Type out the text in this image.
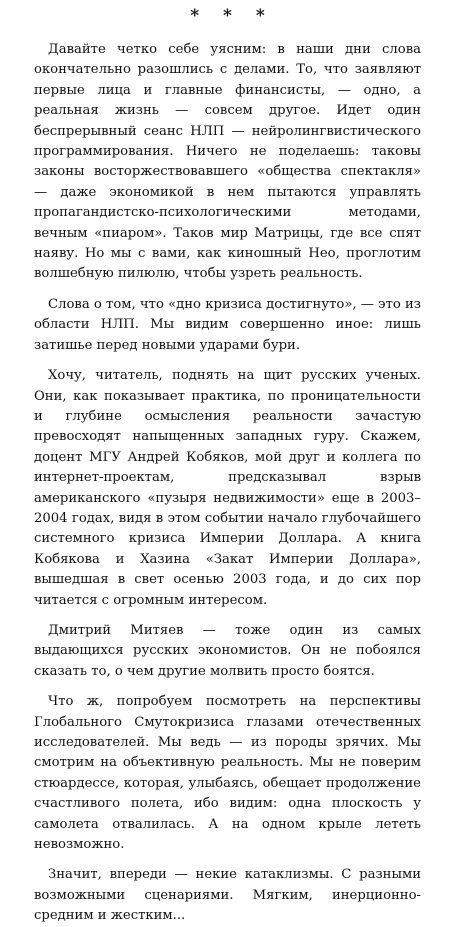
* * *

Давайте четко себе уясним: в наши дни слова окончательно разошлись с делами. То, что заявляют первые лица и главные финансисты, — одно, а реальная жизнь — совсем другое. Идет один беспрерывный сеанс НЛП — нейролингвистического программирования. Ничего не поделаешь: таковы законы восторжествовавшего «общества спектакля» — даже экономикой в нем пытаются управлять пропагандистско-психологическими методами, вечным «пиаром». Таков мир Матрицы, где все спят наяву. Но мы с вами, как киношный Нео, проглотим волшебную пилюлю, чтобы узреть реальность.

Слова о том, что «дно кризиса достигнуто», — это из области НЛП. Мы видим совершенно иное: лишь затишье перед новыми ударами бури.

Хочу, читатель, поднять на щит русских ученых. Они, как показывает практика, по проницательности и глубине осмысления реальности зачастую превосходят напыщенных западных гуру. Скажем, доцент МГУ Андрей Кобяков, мой друг и коллега по интернет-проектам, предсказывал взрыв американского «пузыря недвижимости» еще в 2003–2004 годах, видя в этом событии начало глубочайшего системного кризиса Империи Доллара. А книга Кобякова и Хазина «Закат Империи Доллара», вышедшая в свет осенью 2003 года, и до сих пор читается с огромным интересом.

Дмитрий Митяев — тоже один из самых выдающихся русских экономистов. Он не побоялся сказать то, о чем другие молвить просто боятся.

Что ж, попробуем посмотреть на перспективы Глобального Смутокризиса глазами отечественных исследователей. Мы ведь — из породы зрячих. Мы смотрим на объективную реальность. Мы не поверим стюардессе, которая, улыбаясь, обещает продолжение счастливого полета, ибо видим: одна плоскость у самолета отвалилась. А на одном крыле лететь невозможно.

Значит, впереди — некие катаклизмы. С разными возможными сценариями. Мягким, инерционно-средним и жестким...
